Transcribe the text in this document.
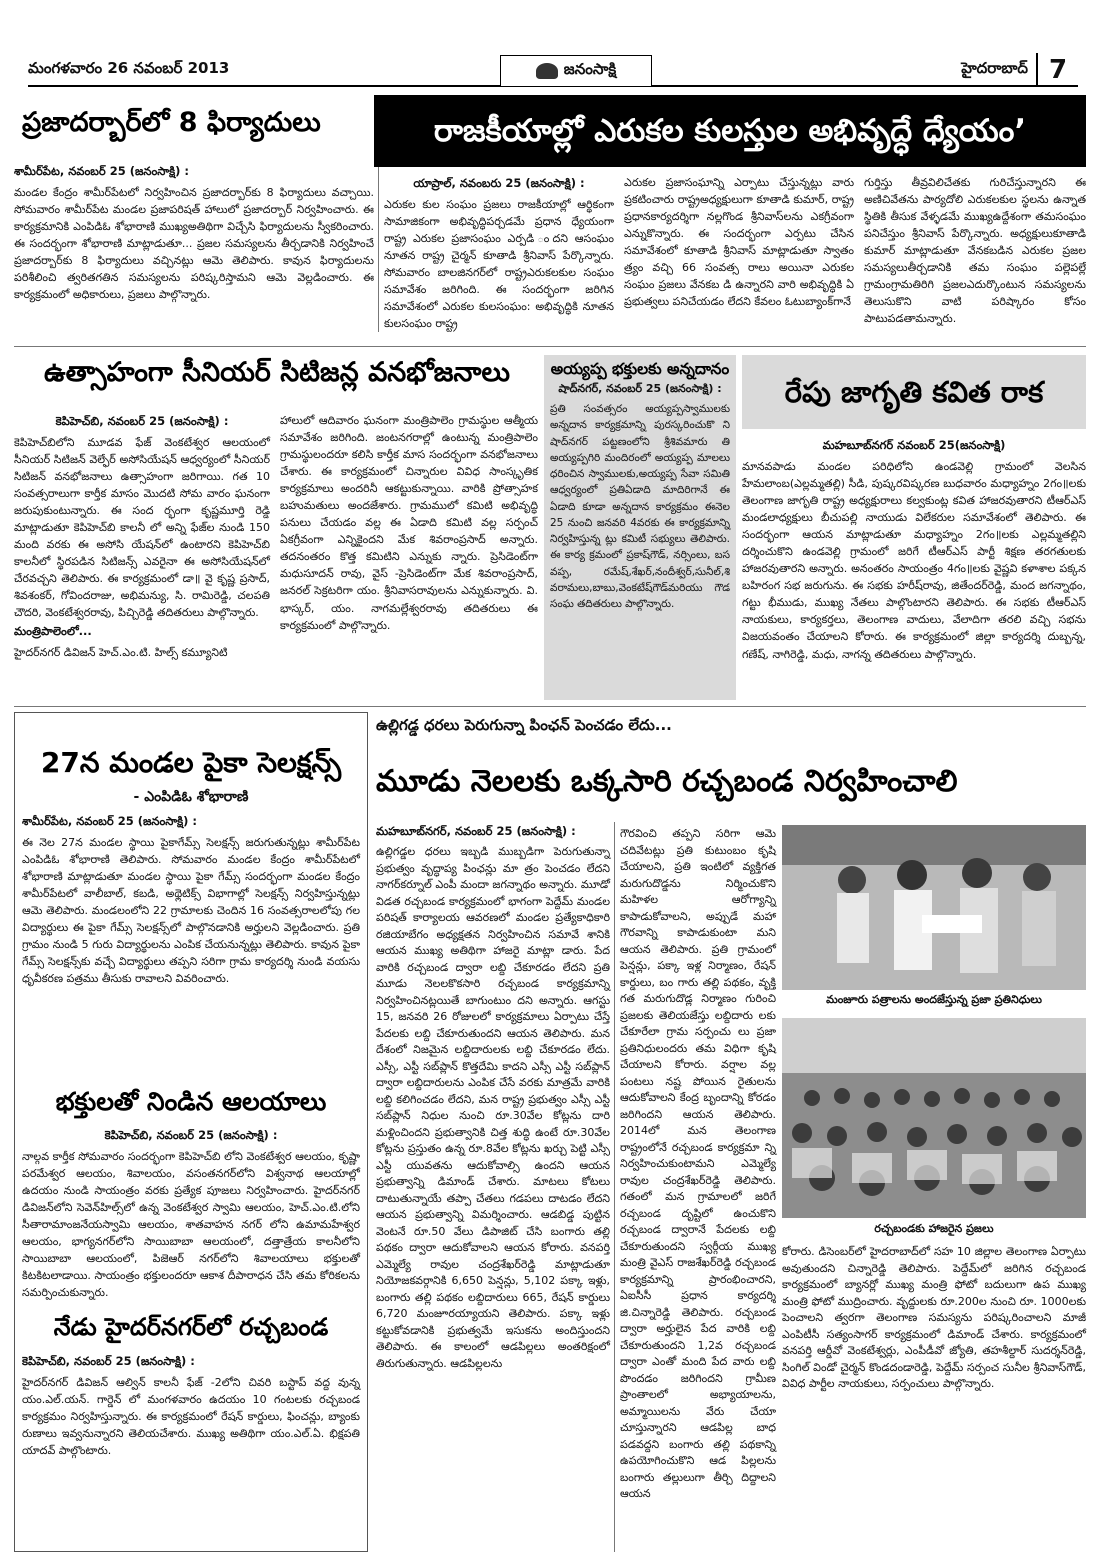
మంగళవారం 26 నవంబర్ 2013	జనంసాక్షి	హైదరాబాద్ 7
ప్రజాదర్బార్‌లో 8 ఫిర్యాదులు
శామీర్‌పేట, నవంబర్ 25 (జనంసాక్షి) :

మండల కేంద్రం శామీర్‌పేటలో నిర్వహించిన ప్రజాదర్బార్‌కు 8 ఫిర్యాదులు వచ్చాయి. సోమవారం శామీర్‌పేట మండల ప్రజాపరిషత్ హాలులో ప్రజాదర్బార్ నిర్వహించారు. ఈ కార్యక్రమానికి ఎంపిడిఓ శోభారాణి ముఖ్యఅతిథిగా విచ్చేసి ఫిర్యాదులను స్వీకరించారు. ఈ సందర్భంగా శోభారాణి మాట్లాడుతూ... ప్రజల సమస్యలను తీర్చడానికి నిర్వహించే ప్రజాదర్బార్‌కు 8 ఫిర్యాదులు వచ్చినట్లు ఆమె తెలిపారు. కావున ఫిర్యాదులను పరిశీలించి త్వరితగతిన సమస్యలను పరిష్కరిస్తామని ఆమె వెల్లడించారు. ఈ కార్యక్రమంలో అధికారులు, ప్రజలు పాల్గొన్నారు.

రాజకీయాల్లో ఎరుకల కులస్తుల అభివృద్ధే ధ్యేయం’
యాప్రాల్, నవంబరు 25 (జనంసాక్షి) :

ఎరుకల కుల సంఘం ప్రజలు రాజకీయాల్లో ఆర్థికంగా సామాజికంగా అభివృద్ధిపర్చడమే ప్రధాన ధ్యేయంగా రాష్ట్ర ఎరుకల ప్రజాసంఘం ఎర్పడి ందని ఆసంఘం నూతన రాష్ట్ర చైర్మన్ కూతాడి శ్రీనివాస్ పేర్కొన్నారు. సోమవారం బాలజినగర్‌లో రాష్ట్రఎరుకలకుల సంఘం సమావేశం జరిగింది. ఈ సందర్భంగా జరిగిన సమావేశంలో ఎరుకల కులసంఘం: అభివృద్ధికి నూతన కులసంఘం రాష్ట్ర

ఎరుకల ప్రజాసంఘాన్ని ఎర్పాటు చేస్తున్నట్లు వారు ప్రకటించారు రాష్ట్రఅధ్యక్షులుగా కూతాడి కుమార్, రాష్ట్ర ప్రధానకార్యదర్శిగా నల్లగొండ శ్రీనివాస్‌లను ఎకగ్రీవంగా ఎన్నుకొన్నారు. ఈ సందర్భంగా ఎర్పటు చేసిన సమావేశంలో కూతాడి శ్రీనివాస్ మాట్లాడుతూ స్వాతం త్ర్యం వచ్చి 66 సంవత్స రాలు అయినా ఎరుకల సంఘం ప్రజలు వేనకబ డి ఉన్నారని వారి అభివృద్ధికి ఏ ప్రభుత్వలు పనిచేయడం లేదని కేవలం ఓటుబ్యాంక్‌గానే

గుర్తిస్తు తీవ్రవిలిచేతకు గురిచేస్తున్నారని ఈ అణిచివేతను పార్యదోలి ఎరుకలకుల స్థలను ఉన్నాత స్థితికి తీసుక వేళ్ళడమే ముఖ్యఉద్దేశంగా తమసంఘం పనిచేస్తుం శ్రీనివాస్ పేర్కొన్నారు. అధ్యక్షులుకూతాడి కుమార్ మాట్లాడుతూ వేనకబడిన ఎరుకల ప్రజల సమస్యలుతీర్చడానికి తమ సంఘం పల్లెపల్లే గ్రామంగ్రామతిరిగి ప్రజలఎదుర్కొంటున సమస్యలను తెలుసుకొని వాటి పరిష్కారం కోసం పాటుపడతామన్నారు.

ఉత్సాహంగా సీనియర్ సిటిజన్ల వనభోజనాలు
కెపిహెచ్‌బి, నవంబర్ 25 (జనంసాక్షి) :

కెపిహెచ్‌బిలోని మూడవ ఫేజ్ వెంకటేశ్వర ఆలయంలో సీనియర్ సిటిజన్ వెల్ఫేర్ అసోసియేషన్ ఆధ్వర్యంలో సీనియర్ సిటిజన్ వనభోజనాలు ఉత్సాహంగా జరిగాయి. గత 10 సంవత్సరాలుగా కార్తీక మాసం మొదటి సోమ వారం ఘనంగా జరుపుకుంటున్నారు. ఈ సంద ర్భంగా కృష్ణమూర్తి రెడ్డి మాట్లాడుతూ కెపిహెచ్‌బి కాలనీ లో అన్ని ఫేజ్‌ల నుండి 150 మంది వరకు ఈ అసోసి యేషన్‌లో ఉంటారని కెపిహెచ్‌బి కాలనీలో స్థిరపడిన సిటిజన్స్ ఎవరైనా ఈ అసోసియేషన్‌లో చేరవచ్చని తెలిపారు. ఈ కార్యక్రమంలో డా॥ వై కృష్ణ ప్రసాద్, శివశంకర్, గోవిందరాజు, అభిమన్యు, సి. రామిరెడ్డి, చలపతి చౌదరి, వెంకటేశ్వరరావు, పిచ్చిరెడ్డి తదితరులు పాల్గొన్నారు.

మంత్రిపాలెంలో...

హైదర్‌నగర్ డివిజన్ హెచ్.ఎం.టి. హిల్స్ కమ్యూనిటి

హాలులో ఆదివారం ఘనంగా మంత్రిపాలెం గ్రామస్థుల ఆత్మీయ సమావేశం జరిగింది. జంటనగరాల్లో ఉంటున్న మంత్రిపాలెం గ్రామస్థులందరూ కలిసి కార్తీక మాస సందర్భంగా వనభోజనాలు చేశారు. ఈ కార్యక్రమంలో చిన్నారుల వివిధ సాంస్కృతిక కార్యక్రమాలు అందరినీ ఆకట్టుకున్నాయి. వారికి ప్రోత్సాహక బహుమతులు అందజేశారు. గ్రామములో కమిటి అభివృద్ధి పనులు చేయడం వల్ల ఈ ఏడాది కమిటి వల్ల సర్పంచ్ ఏకగ్రీవంగా ఎన్నికైందని మేక శివరాంప్రసాద్ అన్నారు. తదనంతరం కొత్త కమిటిని ఎన్నుకు న్నారు. ప్రెసిడెంట్‌గా మధుసూదన్ రావు, వైస్ -ప్రెసిడెంట్‌గా మేక శివరాంప్రసాద్, జనరల్ సెక్రటరిగా యం. శ్రీనివాసరావులను ఎన్నుకున్నారు. వి. భాస్కర్, యం. నాగమల్లేశ్వరరావు తదితరులు ఈ కార్యక్రమంలో పాల్గొన్నారు.

అయ్యప్ప భక్తులకు అన్నదానం
షాద్‌నగర్, నవంబర్ 25 (జనంసాక్షి) :

ప్రతి సంవత్సరం అయ్యప్పస్వాములకు అన్నదాన కార్యక్రమాన్ని పురస్కరించుకొ ని షాద్‌నగర్ పట్టణంలోని శ్రీశివమారు తి అయ్యప్పగిరి మందిరంలో అయ్యప్ప మాలలు ధరించిన స్వాములకు,అయ్యప్ప సేవా సమితి ఆధ్వర్యంలో ప్రతిఏడాది మాదిరిగానే ఈ ఏడాది కూడా అన్నదాన కార్యక్రమం ఈనెల 25 నుంచి జనవరి 4వరకు ఈ కార్యక్రమాన్ని నిర్వహిస్తున్న ట్లు కమిటీ సభ్యులు తెలిపారు. ఈ కార్య క్రమంలో ప్రకాష్‌గౌడ్, నర్సింలు, బస వప్ప, రమేష్,శేఖర్,నందీశ్వర్,సునీల్,శి వరామలు,బాబు,వెంకటేష్‌గౌడ్‌మరియు గౌడ సంఘ తదితరులు పాల్గొన్నారు.

రేపు జాగృతి కవిత రాక
మహబూబ్‌నగర్ నవంబర్ 25(జనంసాక్షి)

మానవపాడు మండల పరిధిలోని ఉండవెల్లి గ్రామంలో వెలసిన హేమలాంబ(ఎల్లమ్మతల్లి) సీడి, పుష్కరవిష్కరణ బుధవారం మధ్యాహ్నం 2గం॥లకు తెలంగాణ జాగృతి రాష్ట్ర అధ్యక్షురాలు కల్వకుంట్ల కవిత హాజరవుతారని టీఆర్ఎస్ మండలాధ్యక్షులు బీచుపల్లి నాయుడు విలేకరుల సమావేశంలో తెలిపారు. ఈ సందర్భంగా ఆయన మాట్లాడుతూ మధ్యాహ్నం 2గం॥లకు ఎల్లమ్మతల్లిని దర్శించుకొని ఉండవెల్లి గ్రామంలో జరిగే టీఆర్ఎస్ పార్టీ శిక్షణ తరగతులకు హాజరవుతారని అన్నారు. అనంతరం సాయంత్రం 4గం॥లకు వైష్ణవి కళాశాల పక్కన బహిరంగ సభ జరుగును. ఈ సభకు హరీష్‌రావు, జితేందర్‌రెడ్డి, మంద జగన్నాథం, గట్టు భీముడు, ముఖ్య నేతలు పాల్గొంటారని తెలిపారు. ఈ సభకు టీఆర్ఎస్ నాయకులు, కార్యకర్తలు, తెలంగాణ వాదులు, వేలాదిగా తరలి వచ్చి సభను విజయవంతం చేయాలని కోరారు. ఈ కార్యక్రమంలో జిల్లా కార్యదర్శి దుబ్బన్న, గణేష్, నాగిరెడ్డి, మధు, నాగన్న తదితరులు పాల్గొన్నారు.

27న మండల పైకా సెలక్షన్స్
- ఎంపిడిఓ శోభారాణి
శామీర్‌పేట, నవంబర్ 25 (జనంసాక్షి) :

ఈ నెల 27న మండల స్థాయి పైకాగేమ్స్ సెలక్షన్స్ జరుగుతున్నట్లు శామీర్‌పేట ఎంపిడిఓ శోభారాణి తెలిపారు. సోమవారం మండల కేంద్రం శామీర్‌పేటలో శోభారాణి మాట్లాడుతూ మండల స్థాయి పైకా గేమ్స్ సందర్భంగా మండల కేంద్రం శామీర్‌పేటలో వాలీబాల్, కబడి, అథ్లెటిక్స్ విభాగాల్లో సెలక్షన్స్ నిర్వహిస్తున్నట్లు ఆమె తెలిపారు. మండలంలోని 22 గ్రామాలకు చెందిన 16 సంవత్సరాలలోపు గల విద్యార్థులు ఈ పైకా గేమ్స్ సెలక్షన్స్‌లో పాల్గొనడానికి అర్హులని వెల్లడించారు. ప్రతి గ్రామం నుండి 5 గురు విద్యార్థులను ఎంపిక చేయనున్నట్లు తెలిపారు. కావున పైకా గేమ్స్ సెలక్షన్స్‌కు వచ్చే విద్యార్థులు తప్పని సరిగా గ్రామ కార్యదర్శి నుండి వయసు ధృవీకరణ పత్రము తీసుకు రావాలని వివరించారు.

భక్తులతో నిండిన ఆలయాలు
కెపిహెచ్‌బి, నవంబర్ 25 (జనంసాక్షి) :

నాల్గవ కార్తీక సోమవారం సందర్భంగా కెపిహెచ్‌బి లోని వెంకటేశ్వర ఆలయం, కృష్ణా పరమేశ్వర ఆలయం, శివాలయం, వసంతనగర్‌లోని విశ్వనాథ ఆలయాల్లో ఉదయం నుండి సాయంత్రం వరకు ప్రత్యేక పూజలు నిర్వహించారు. హైదర్‌నగర్ డివిజన్‌లోని సెవెన్‌హిల్స్‌లో ఉన్న వెంకటేశ్వర స్వామి ఆలయం, హెచ్.ఎం.టి.లోని సీతారామాంజనేయస్వామి ఆలయం, శాతవాహన నగర్ లోని ఉమామహేశ్వర ఆలయం, భాగ్యనగర్‌లోని సాయిబాబా ఆలయంలో, దత్తాత్రేయ కాలనీలోని సాయిబాబా ఆలయంలో, పిజెఆర్ నగర్‌లోని శివాలయాలు భక్తులతో కిటకిటలాడాయి. సాయంత్రం భక్తులందరూ ఆకాశ దీపారాధన చేసి తమ కోరికలను సమర్పించుకున్నారు.

నేడు హైదర్‌నగర్‌లో రచ్చబండ
కెపిహెచ్‌బి, నవంబర్ 25 (జనంసాక్షి) :

హైదర్‌నగర్ డివిజన్ ఆల్విన్ కాలనీ ఫేజ్ -2లోని చివరి బస్టాప్ వద్ద వున్న యం.ఎల్.యన్. గార్డెన్ లో మంగళవారం ఉదయం 10 గంటలకు రచ్చబండ కార్యక్రమం నిర్వహిస్తున్నారు. ఈ కార్యక్రమంలో రేషన్ కార్డులు, ఫించన్లు, బ్యాంకు రుణాలు ఇవ్వనున్నారని తెలియచేశారు. ముఖ్య అతిథిగా యం.ఎల్.ఏ. భిక్షపతి యాదవ్ పాల్గొంటారు.

ఉల్లిగడ్డ ధరలు పెరుగున్నా పింఛన్ పెంచడం లేదు...
మూడు నెలలకు ఒక్కసారి రచ్చబండ నిర్వహించాలి
మహబూబ్‌నగర్, నవంబర్ 25 (జనంసాక్షి) :

ఉల్లిగడ్డల ధరలు ఇబ్బడి ముబ్బడిగా పెరుగుతున్నా ప్రభుత్వం వృద్ధాప్య పింఛన్లు మా త్రం పెంచడం లేదని నాగర్‌కర్నూల్ ఎంపీ మందా జగన్నాథం అన్నారు. మూడో విడత రచ్చబండ కార్యక్రమంలో భాగంగా పెద్దేమ్ మండల పరిషత్ కార్యాలయ ఆవరణలో మండల ప్రత్యేకాధికారి రజియాబేగం అధ్యక్షతన నిర్వహించిన సమావే శానికి ఆయన ముఖ్య అతిథిగా హాజరై మాట్లా డారు. పేద వారికి రచ్చబండ ద్వారా లబ్ది చేకూరడం లేదని ప్రతి మూడు నెలలకొకసారి రచ్చబండ కార్యక్రమాన్ని నిర్వహించినట్లయితే బాగుంటుం దని అన్నారు. ఆగస్టు 15, జనవరి 26 రోజులలో కార్యక్రమాలు ఏర్పాటు చేస్తే పేదలకు లబ్ది చేకూరుతుందని ఆయన తెలిపారు. మన దేశంలో నిజమైన లబ్దిదారులకు లబ్ది చేకూరడం లేదు. ఎస్సీ, ఎస్టీ సబ్‌ప్లాన్ కొత్తదేమి కాదని ఎస్సీ ఎస్టీ సబ్‌ప్లాన్ ద్వారా లబ్దిదారులను ఎంపిక చేసే వరకు మాత్రమే వారికి లబ్ది కలిగించడం లేదని, మన రాష్ట్ర ప్రభుత్వం ఎస్సీ ఎస్టీ సబ్‌ప్లాన్ నిధుల నుంచి రూ.30వేల కోట్లను దారి మళ్లించిందని ప్రభుత్వానికి చిత్త శుద్ధి ఉంటే రూ.30వేల కోట్లను ప్రస్తుతం ఉన్న రూ.8వేల కోట్లను ఖర్చు పెట్టి ఎస్సీ ఎస్టీ యువతను ఆదుకోవాల్సి ఉందని ఆయన ప్రభుత్వాన్ని డిమాండ్ చేశారు. మాటలు కోటలు దాటుతున్నాయే తప్పా చేతలు గడపలు దాటడం లేదని ఆయన ప్రభుత్వాన్ని విమర్శించారు. ఆడబిడ్డ పుట్టిన వెంటనే రూ.50 వేలు డిపాజిట్ చేసి బంగారు తల్లి పథకం ద్వారా ఆదుకోవాలని ఆయన కోరారు. వనపర్తి ఎమ్మెల్యే రావుల చంద్రశేఖర్‌రెడ్డి మాట్లాడుతూ నియోజకవర్గానికి 6,650 పెన్షన్లు, 5,102 పక్కా ఇళ్లు, బంగారు తల్లి పథకం లబ్దిదారులు 665, రేషన్ కార్డులు 6,720 మంజూరయ్యాయని తెలిపారు. పక్కా ఇళ్లు కట్టుకోవడానికి ప్రభుత్వమే ఇసుకను అందిస్తుందని తెలిపారు. ఈ కాలంలో ఆడపిల్లలు అంతరిక్షంలో తిరుగుతున్నారు. ఆడపిల్లలను

గౌరవించి తప్పని సరిగా ఆమె చదివేటట్లు ప్రతి కుటుంబం కృషి చేయాలని, ప్రతి ఇంటిలో వ్యక్తిగత మరుగుదొడ్డను నిర్మించుకొని మహిళల ఆరోగ్యాన్ని కాపాడుకోవాలని, అప్పుడే మహా గౌరవాన్ని కాపాడుకుంటా మని ఆయన తెలిపారు. ప్రతి గ్రామంలో పెన్షన్లు, పక్కా ఇళ్ల నిర్మాణం, రేషన్ కార్డులు, బం గారు తల్లి పథకం, వృక్తి గత మరుగుదొడ్ల నిర్మాణం గురించి ప్రజలకు తెలియజేస్తు లబ్దిదారు లకు చేకూరేలా గ్రామ సర్పంచు లు ప్రజా ప్రతినిధులందరు తమ విధిగా కృషి చేయాలని కోరారు. వర్షాల వల్ల పంటలు నష్ట పోయిన రైతులను ఆదుకోవాలని కేంద్ర బృందాన్ని కోరడం జరిగిందని ఆయన తెలిపారు. 2014లో మన తెలంగాణ రాష్ట్రంలోనే రచ్చబండ కార్యక్రమా న్ని నిర్వహించుకుంటామని ఎమ్మెల్యే రావుల చంద్రశేఖర్‌రెడ్డి తెలిపారు. గతంలో మన గ్రామాలలో జరిగే రచ్చబండ దృష్టిలో ఉంచుకొని రచ్చబండ ద్వారానే పేదలకు లబ్ది చేకూరుతుందని స్వర్గీయ ముఖ్య మంత్రి వైఎస్ రాజశేఖర్‌రెడ్డి రచ్చబండ కార్యక్రమాన్ని ప్రారంభించారని, ఏఐసీసీ ప్రధాన కార్యదర్శి జి.చిన్నారెడ్డి తెలిపారు. రచ్చబండ ద్వారా అర్హులైన పేద వారికి లబ్ది చేకూరుతుందని 1,2వ రచ్చబండ ద్వారా ఎంతో మంది పేద వారు లబ్ది పొందడం జరిగిందని గ్రామీణ ప్రాంతాలలో అభ్యాయాలను, అమ్మాయిలను వేరు చేయా చూస్తున్నారని ఆడపిల్ల బాధ పడవద్దని బంగారు తల్లి పథకాన్ని ఉపయోగించుకొని ఆడ పిల్లలను బంగారు తల్లులుగా తీర్చి దిద్దాలని ఆయన

మంజూరు పత్రాలను అందజేస్తున్న ప్రజా ప్రతినిధులు
రచ్చబండకు హాజరైన ప్రజలు

కోరారు. డిసెంబర్‌లో హైదరాబాద్‌లో సహ 10 జిల్లాల తెలంగాణ ఏర్పాటు అవుతుందని చిన్నారెడ్డి తెలిపారు. పెద్దేమ్‌లో జరిగిన రచ్చబండ కార్యక్రమంలో బ్యానర్లో ముఖ్య మంత్రి ఫోటో బదులుగా ఉప ముఖ్య మంత్రి ఫోటో ముద్రించారు. వృద్దులకు రూ.200ల నుంచి రూ. 1000లకు పెంచాలని త్వరగా తెలంగాణ సమస్యను పరిష్కరించాలని మాజీ ఎంపిటీసీ సత్యంసాగర్ కార్యక్రమంలో డిమాండ్ చేశారు. కార్యక్రమంలో వనపర్తి ఆర్డీవో వెంకటేశ్వర్లు, ఎంపీడీవో జ్యోతి, తహశీల్దార్ సుదర్శన్‌రెడ్డి, సింగిల్ విండో చైర్మన్ కొండదండారెడ్డి, పెద్దేమ్ సర్పంచ సునీల శ్రీనివాస్‌గౌడ్, వివిధ పార్టీల నాయకులు, సర్పంచులు పాల్గొన్నారు.
